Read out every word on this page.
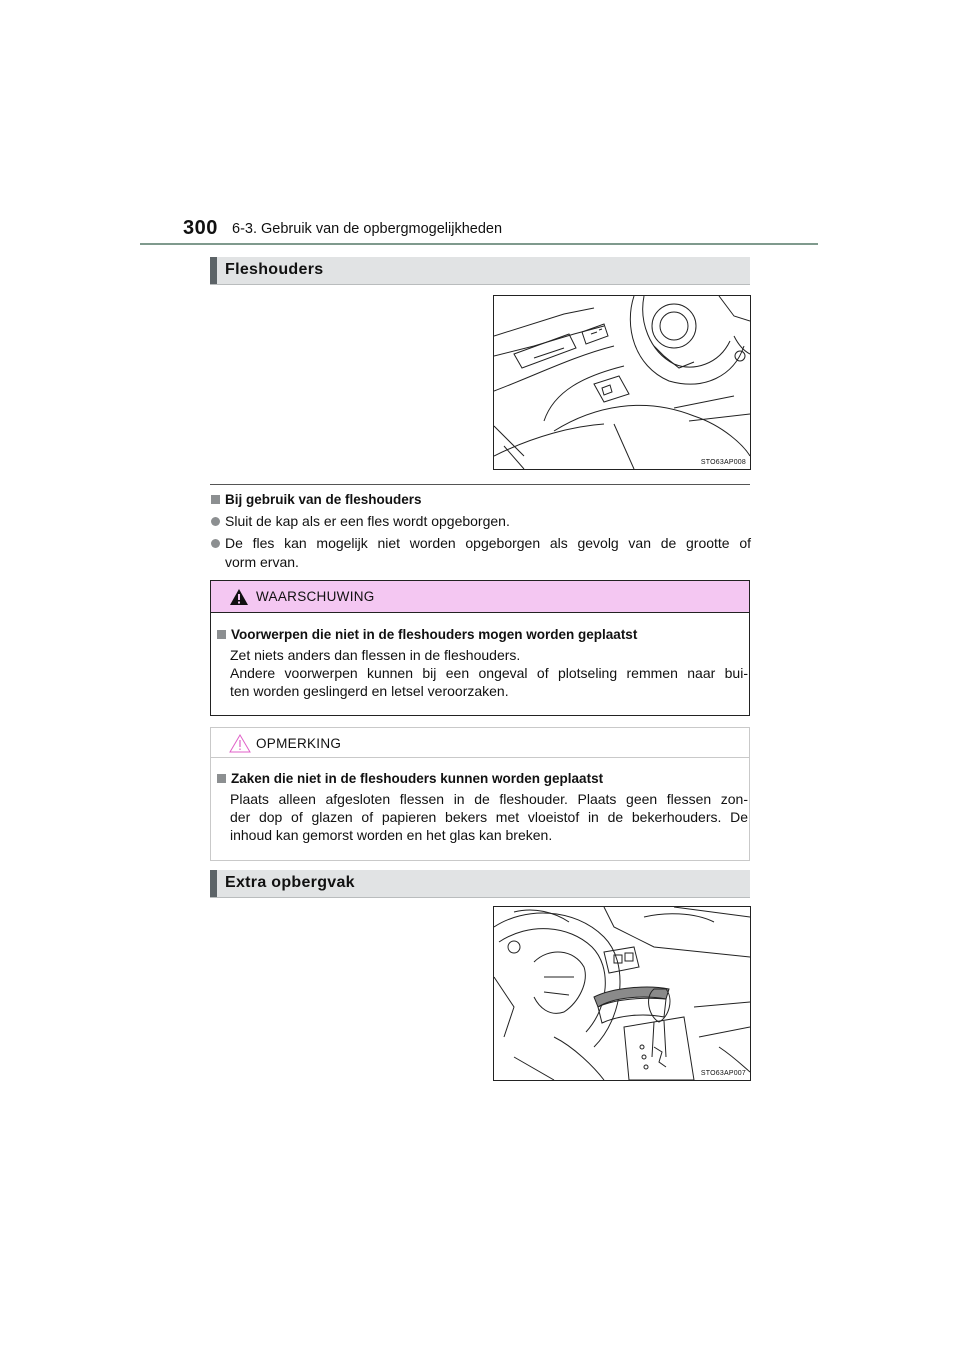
300 6-3. Gebruik van de opbergmogelijkheden
Fleshouders
STO63AP008
Bij gebruik van de fleshouders
Sluit de kap als er een fles wordt opgeborgen.
De fles kan mogelijk niet worden opgeborgen als gevolg van de grootte of
vorm ervan.
WAARSCHUWING
Voorwerpen die niet in de fleshouders mogen worden geplaatst
Zet niets anders dan flessen in de fleshouders.
Andere voorwerpen kunnen bij een ongeval of plotseling remmen naar bui-
ten worden geslingerd en letsel veroorzaken.
OPMERKING
Zaken die niet in de fleshouders kunnen worden geplaatst
Plaats alleen afgesloten flessen in de fleshouder. Plaats geen flessen zon-
der dop of glazen of papieren bekers met vloeistof in de bekerhouders. De
inhoud kan gemorst worden en het glas kan breken.
Extra opbergvak
STO63AP007
